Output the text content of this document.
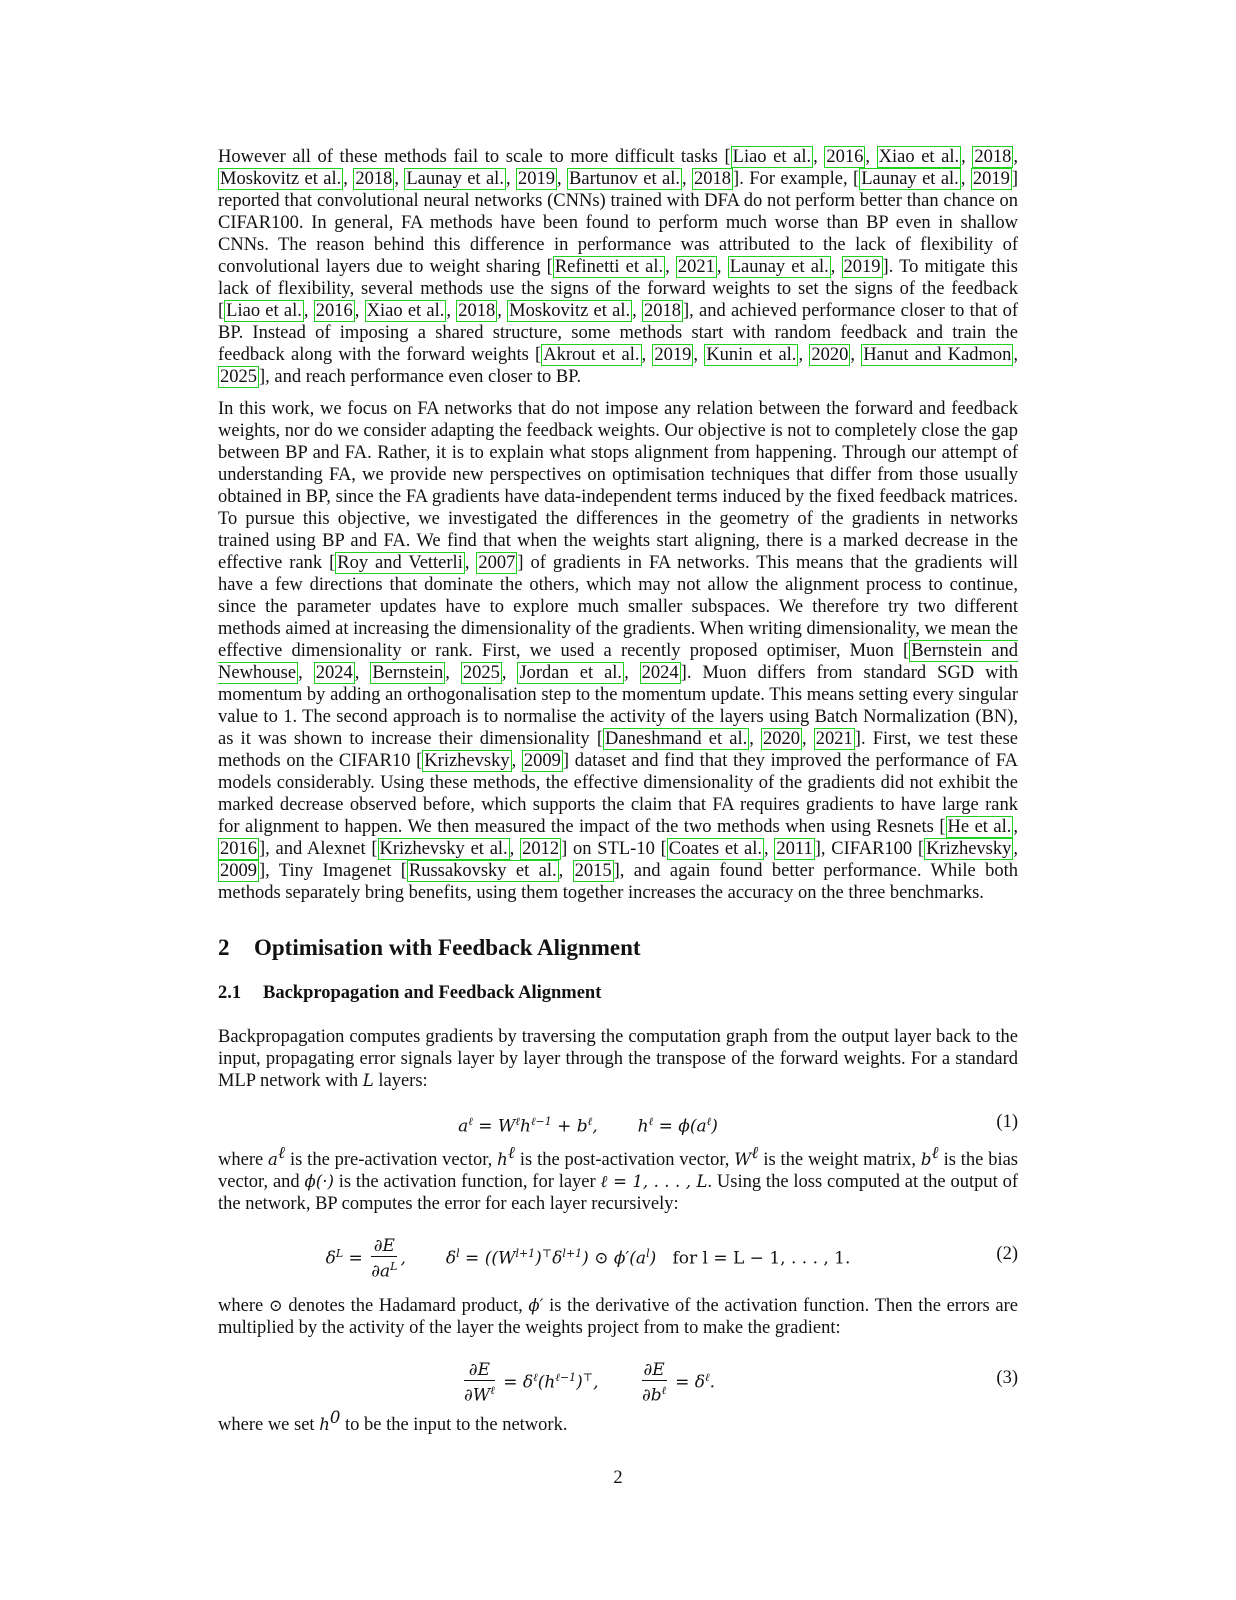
However all of these methods fail to scale to more difficult tasks [ Liao et al. , 2016 , Xiao et al. , 2018 , Moskovitz et al. , 2018 , Launay et al. , 2019 , Bartunov et al. , 2018 ]. For example, [ Launay et al. , 2019 ] reported that convolutional neural networks (CNNs) trained with DFA do not perform better than chance on CIFAR100. In general, FA methods have been found to perform much worse than BP even in shallow CNNs. The reason behind this difference in performance was attributed to the lack of flexibility of convolutional layers due to weight sharing [ Refinetti et al. , 2021 , Launay et al. , 2019 ]. To mitigate this lack of flexibility, several methods use the signs of the forward weights to set the signs of the feedback [ Liao et al. , 2016 , Xiao et al. , 2018 , Moskovitz et al. , 2018 ], and achieved performance closer to that of BP. Instead of imposing a shared structure, some methods start with random feedback and train the feedback along with the forward weights [ Akrout et al. , 2019 , Kunin et al. , 2020 , Hanut and Kadmon , 2025 ], and reach performance even closer to BP.

In this work, we focus on FA networks that do not impose any relation between the forward and feedback weights, nor do we consider adapting the feedback weights. Our objective is not to completely close the gap between BP and FA. Rather, it is to explain what stops alignment from happening. Through our attempt of understanding FA, we provide new perspectives on optimisation techniques that differ from those usually obtained in BP, since the FA gradients have data-independent terms induced by the fixed feedback matrices. To pursue this objective, we investigated the differences in the geometry of the gradients in networks trained using BP and FA. We find that when the weights start aligning, there is a marked decrease in the effective rank [ Roy and Vetterli , 2007 ] of gradients in FA networks. This means that the gradients will have a few directions that dominate the others, which may not allow the alignment process to continue, since the parameter updates have to explore much smaller subspaces. We therefore try two different methods aimed at increasing the dimensionality of the gradients. When writing dimensionality, we mean the effective dimensionality or rank. First, we used a recently proposed optimiser, Muon [ Bernstein and Newhouse , 2024 , Bernstein , 2025 , Jordan et al. , 2024 ]. Muon differs from standard SGD with momentum by adding an orthogonalisation step to the momentum update. This means setting every singular value to 1. The second approach is to normalise the activity of the layers using Batch Normalization (BN), as it was shown to increase their dimensionality [ Daneshmand et al. , 2020 , 2021 ]. First, we test these methods on the CIFAR10 [ Krizhevsky , 2009 ] dataset and find that they improved the performance of FA models considerably. Using these methods, the effective dimensionality of the gradients did not exhibit the marked decrease observed before, which supports the claim that FA requires gradients to have large rank for alignment to happen. We then measured the impact of the two methods when using Resnets [ He et al. , 2016 ], and Alexnet [ Krizhevsky et al. , 2012 ] on STL-10 [ Coates et al. , 2011 ], CIFAR100 [ Krizhevsky , 2009 ], Tiny Imagenet [ Russakovsky et al. , 2015 ], and again found better performance. While both methods separately bring benefits, using them together increases the accuracy on the three benchmarks.

2 Optimisation with Feedback Alignment
2.1 Backpropagation and Feedback Alignment

Backpropagation computes gradients by traversing the computation graph from the output layer back to the input, propagating error signals layer by layer through the transpose of the forward weights. For a standard MLP network with L layers:

$a^\ell = W^\ell h^{\ell-1} + b^\ell$, $h^\ell = \phi(a^\ell)$	(1)

where $a^\ell$ is the pre-activation vector, $h^\ell$ is the post-activation vector, $W^\ell$ is the weight matrix, $b^\ell$ is the bias vector, and ϕ(·) is the activation function, for layer ℓ = 1, . . . , L. Using the loss computed at the output of the network, BP computes the error for each layer recursively:

$\delta^L = \frac{\partial E}{\partial a^L}$ , $\delta^l = ((W^{l+1})^⊤\delta^{l+1})$ ⊙ $\phi'(a^l)$   for l = L − 1, . . . , 1.	(2)

where ⊙ denotes the Hadamard product, ϕ′ is the derivative of the activation function. Then the errors are multiplied by the activity of the layer the weights project from to make the gradient:

$\frac{\partial E}{\partial W^\ell} = \delta^\ell(h^{\ell-1})^⊤$,	$\frac{\partial E}{\partial b^\ell} = \delta^\ell$.	(3)

where we set $h^0$ to be the input to the network.

2
